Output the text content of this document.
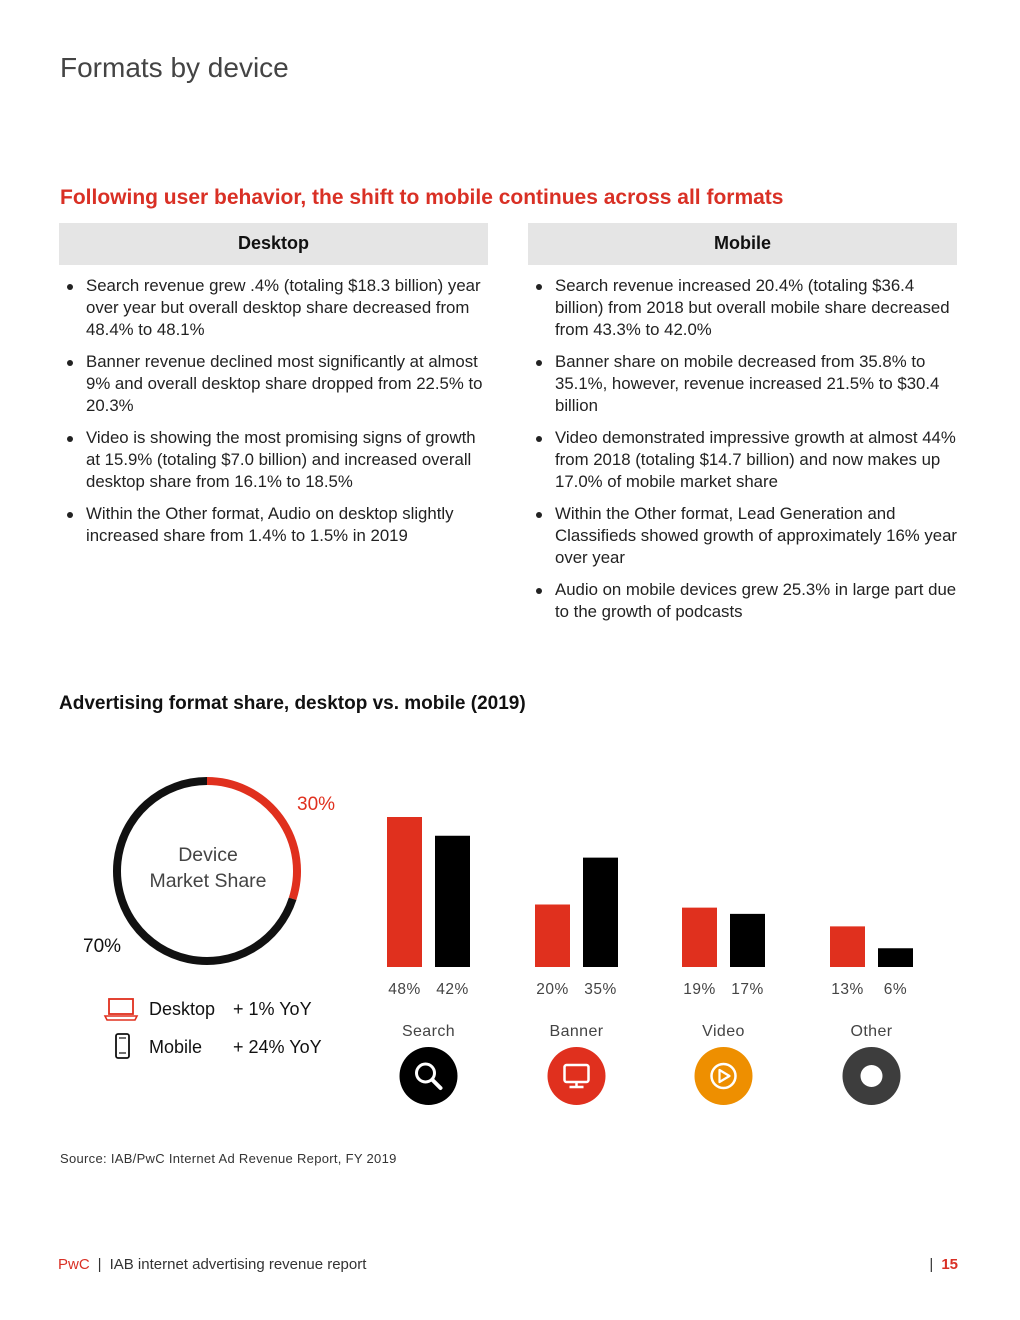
Formats by device
Following user behavior, the shift to mobile continues across all formats
Desktop
Search revenue grew .4% (totaling $18.3 billion) year over year but overall desktop share decreased from 48.4% to 48.1%
Banner revenue declined most significantly at almost 9% and overall desktop share dropped from 22.5% to 20.3%
Video is showing the most promising signs of growth at 15.9% (totaling $7.0 billion) and increased overall desktop share from 16.1% to 18.5%
Within the Other format, Audio on desktop slightly increased share from 1.4% to 1.5% in 2019
Mobile
Search revenue increased 20.4% (totaling $36.4 billion) from 2018 but overall mobile share decreased from 43.3% to 42.0%
Banner share on mobile decreased from 35.8% to 35.1%, however, revenue increased 21.5% to $30.4 billion
Video demonstrated impressive growth at almost 44% from 2018 (totaling $14.7 billion) and now makes up 17.0% of mobile market share
Within the Other format, Lead Generation and Classifieds showed growth of approximately 16% year over year
Audio on mobile devices grew 25.3% in large part due to the growth of podcasts
Advertising format share, desktop vs. mobile (2019)
Device
Market Share
30%
70%
Desktop + 1% YoY
Mobile + 24% YoY
48% 42%	20% 35%	19% 17%	13% 6%
Search	Banner	Video	Other
Source: IAB/PwC Internet Ad Revenue Report, FY 2019
PwC | IAB internet advertising revenue report	| 15
